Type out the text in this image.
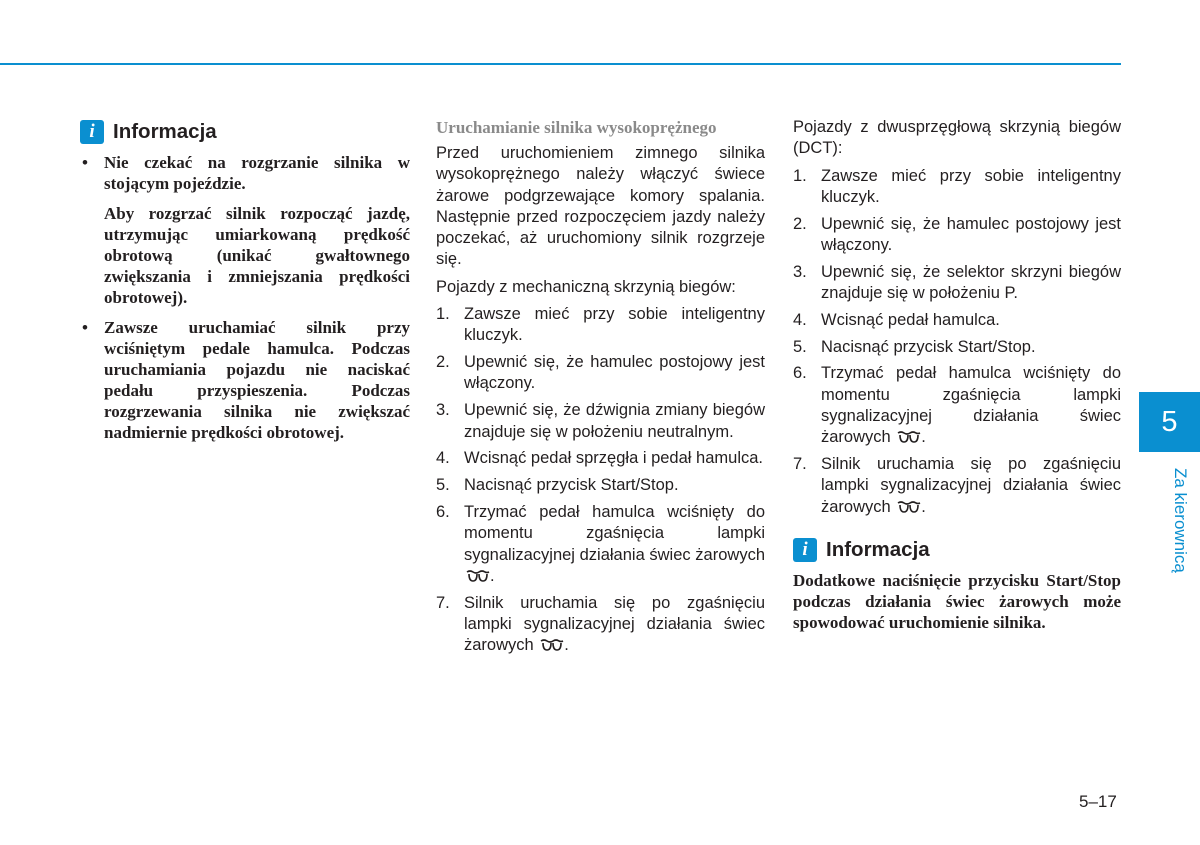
i Informacja
• Nie czekać na rozgrzanie silnika w stojącym pojeździe.

Aby rozgrzać silnik rozpocząć jazdę, utrzymując umiarkowaną prędkość obrotową (unikać gwałtownego zwiększania i zmniejszania prędkości obrotowej).

• Zawsze uruchamiać silnik przy wciśniętym pedale hamulca. Podczas uruchamiania pojazdu nie naciskać pedału przyspieszenia. Podczas rozgrzewania silnika nie zwiększać nadmiernie prędkości obrotowej.

Uruchamianie silnika wysokoprężnego

Przed uruchomieniem zimnego silnika wysokoprężnego należy włączyć świece żarowe podgrzewające komory spalania. Następnie przed rozpoczęciem jazdy należy poczekać, aż uruchomiony silnik rozgrzeje się.

Pojazdy z mechaniczną skrzynią biegów:

1. Zawsze mieć przy sobie inteligentny kluczyk.
2. Upewnić się, że hamulec postojowy jest włączony.
3. Upewnić się, że dźwignia zmiany biegów znajduje się w położeniu neutralnym.
4. Wcisnąć pedał sprzęgła i pedał hamulca.
5. Nacisnąć przycisk Start/Stop.
6. Trzymać pedał hamulca wciśnięty do momentu zgaśnięcia lampki sygnalizacyjnej działania świec żarowych .
7. Silnik uruchamia się po zgaśnięciu lampki sygnalizacyjnej działania świec żarowych .

Pojazdy z dwusprzęgłową skrzynią biegów (DCT):

1. Zawsze mieć przy sobie inteligentny kluczyk.
2. Upewnić się, że hamulec postojowy jest włączony.
3. Upewnić się, że selektor skrzyni biegów znajduje się w położeniu P.
4. Wcisnąć pedał hamulca.
5. Nacisnąć przycisk Start/Stop.
6. Trzymać pedał hamulca wciśnięty do momentu zgaśnięcia lampki sygnalizacyjnej działania świec żarowych .
7. Silnik uruchamia się po zgaśnięciu lampki sygnalizacyjnej działania świec żarowych .
i Informacja

Dodatkowe naciśnięcie przycisku Start/Stop podczas działania świec żarowych może spowodować uruchomienie silnika.

5
Za kierownicą
5–17
